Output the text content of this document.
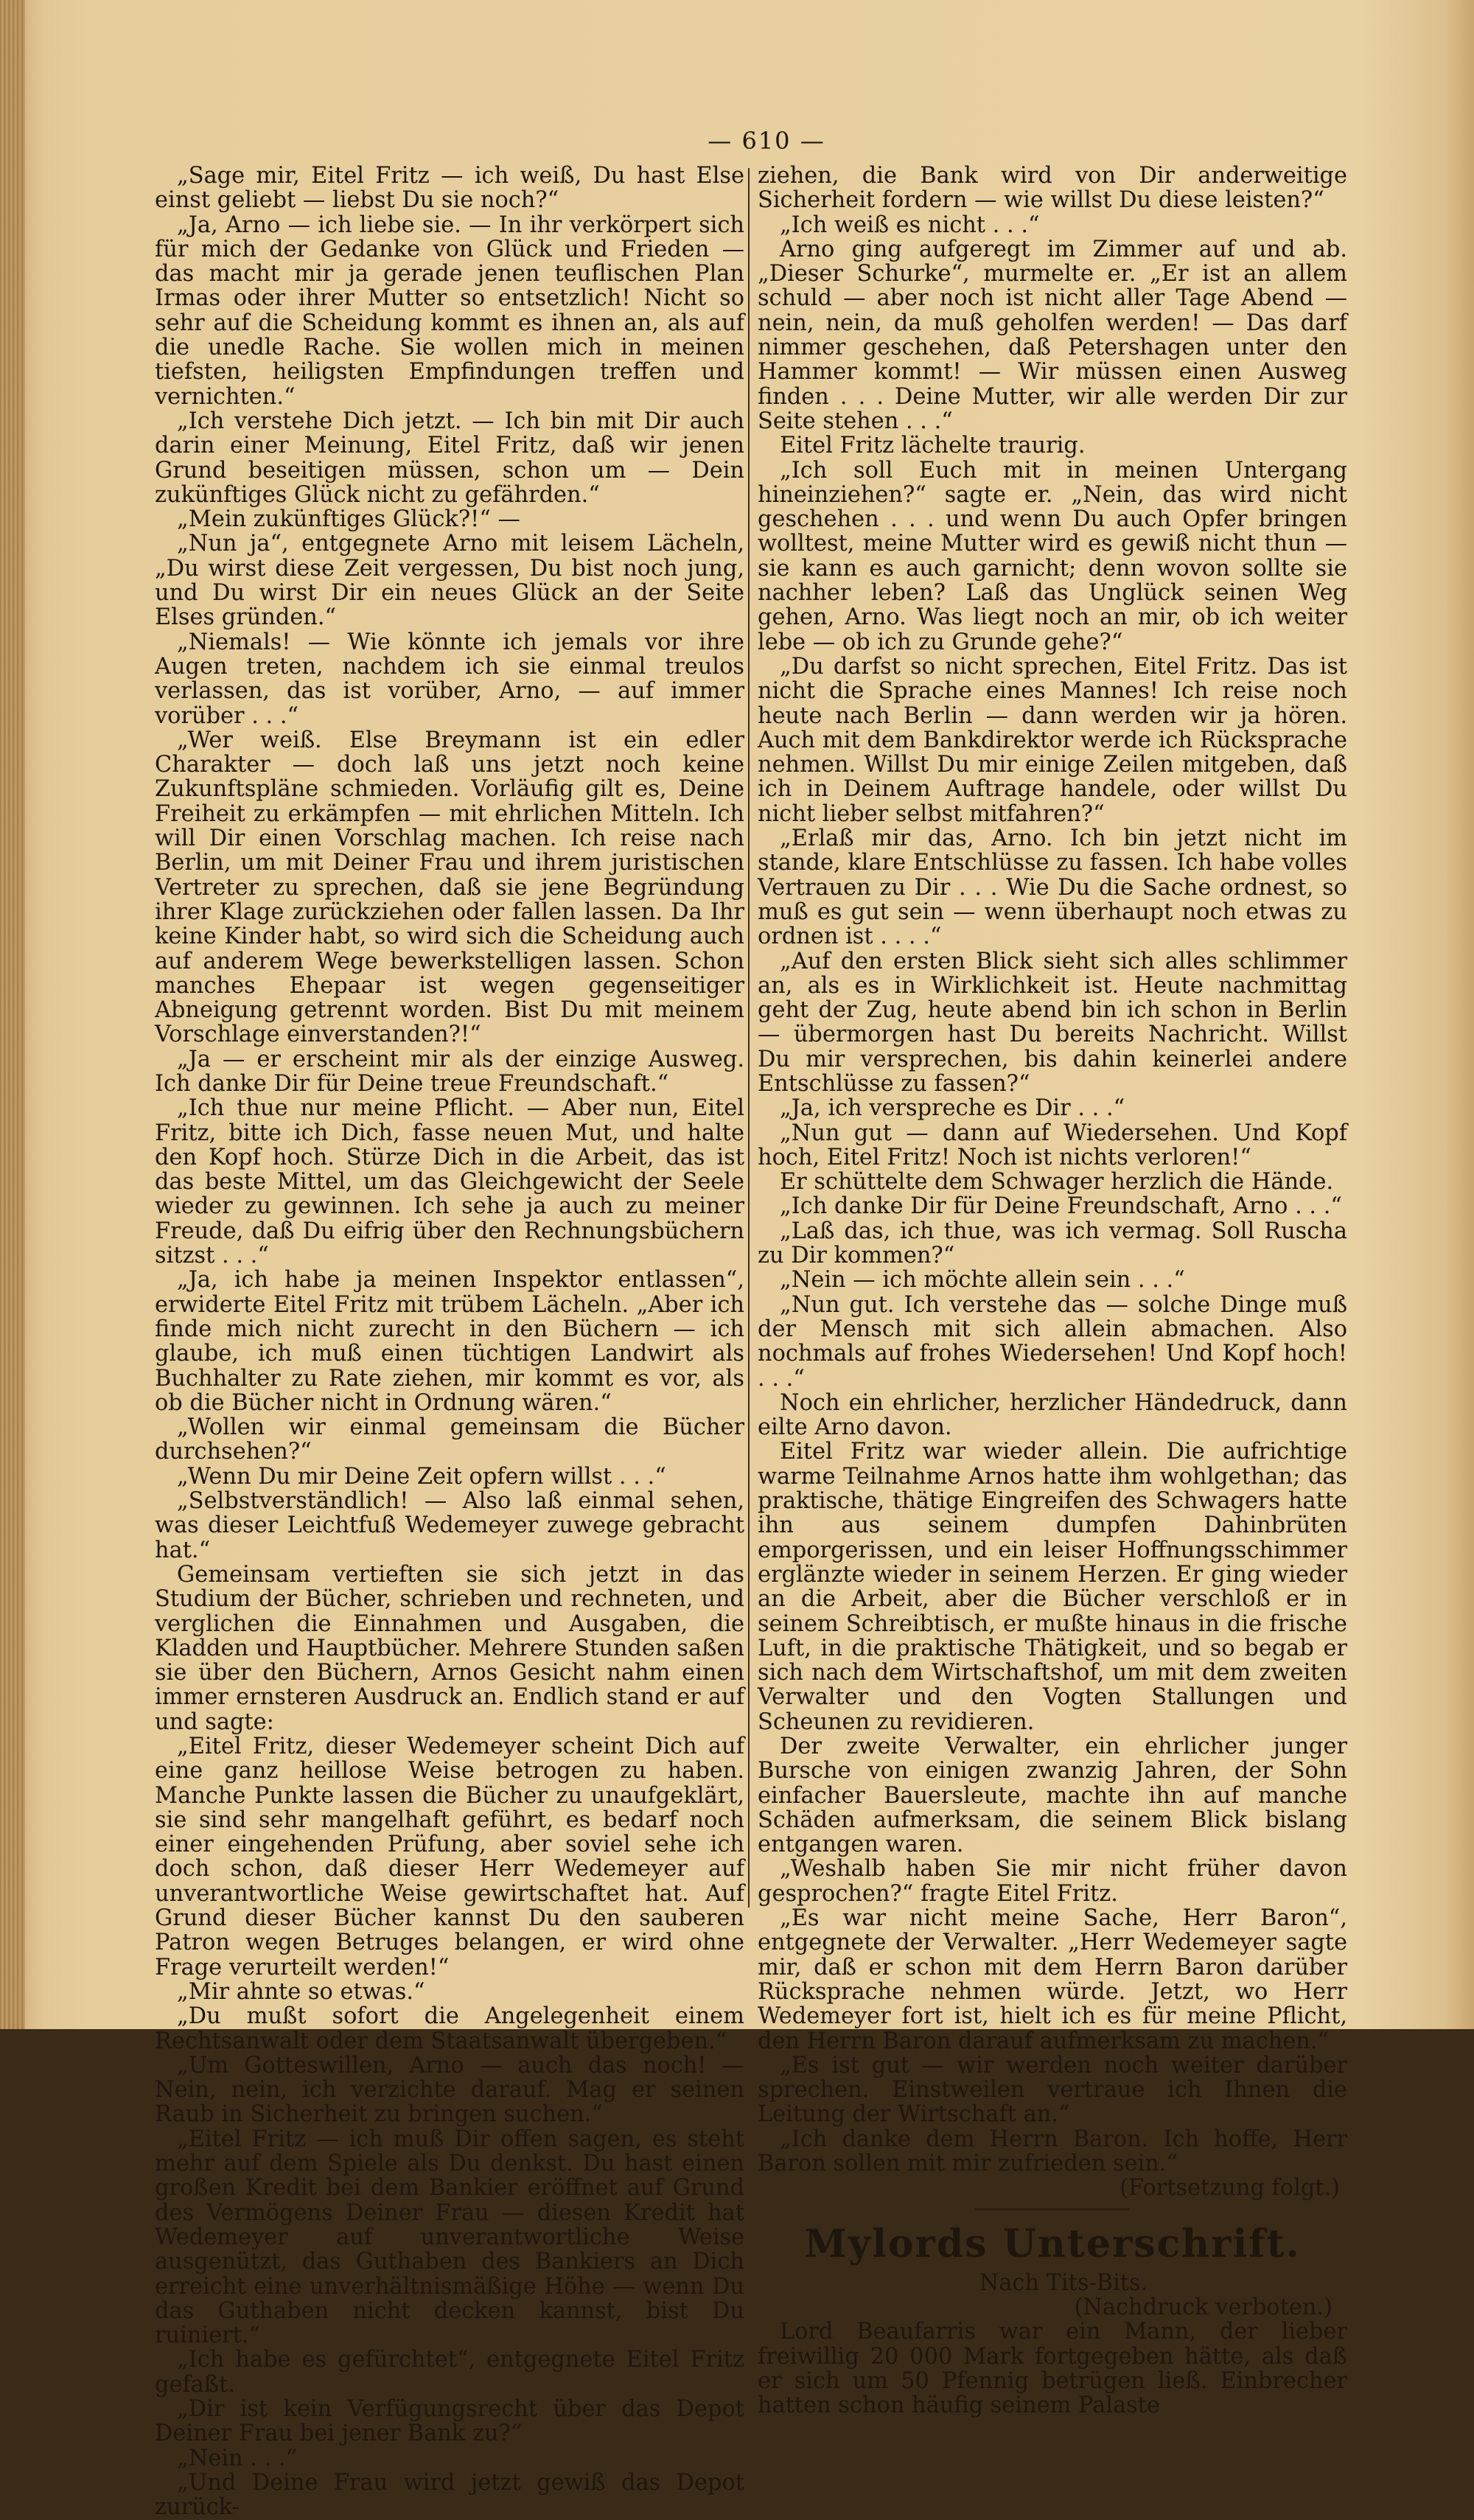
— 610 —

„Sage mir, Eitel Fritz — ich weiß, Du hast Else einst geliebt — liebst Du sie noch?“

„Ja, Arno — ich liebe sie. — In ihr verkörpert sich für mich der Gedanke von Glück und Frieden — das macht mir ja gerade jenen teuflischen Plan Irmas oder ihrer Mutter so entsetzlich! Nicht so sehr auf die Scheidung kommt es ihnen an, als auf die unedle Rache. Sie wollen mich in meinen tiefsten, heiligsten Empfindungen treffen und vernichten.“

„Ich verstehe Dich jetzt. — Ich bin mit Dir auch darin einer Meinung, Eitel Fritz, daß wir jenen Grund beseitigen müssen, schon um — Dein zukünftiges Glück nicht zu gefährden.“

„Mein zukünftiges Glück?!“ —

„Nun ja“, entgegnete Arno mit leisem Lächeln, „Du wirst diese Zeit vergessen, Du bist noch jung, und Du wirst Dir ein neues Glück an der Seite Elses gründen.“

„Niemals! — Wie könnte ich jemals vor ihre Augen treten, nachdem ich sie einmal treulos verlassen, das ist vorüber, Arno, — auf immer vorüber . . .“

„Wer weiß. Else Breymann ist ein edler Charakter — doch laß uns jetzt noch keine Zukunftspläne schmieden. Vorläufig gilt es, Deine Freiheit zu erkämpfen — mit ehrlichen Mitteln. Ich will Dir einen Vorschlag machen. Ich reise nach Berlin, um mit Deiner Frau und ihrem juristischen Vertreter zu sprechen, daß sie jene Begründung ihrer Klage zurückziehen oder fallen lassen. Da Ihr keine Kinder habt, so wird sich die Scheidung auch auf anderem Wege bewerkstelligen lassen. Schon manches Ehepaar ist wegen gegenseitiger Abneigung getrennt worden. Bist Du mit meinem Vorschlage einverstanden?!“

„Ja — er erscheint mir als der einzige Ausweg. Ich danke Dir für Deine treue Freundschaft.“

„Ich thue nur meine Pflicht. — Aber nun, Eitel Fritz, bitte ich Dich, fasse neuen Mut, und halte den Kopf hoch. Stürze Dich in die Arbeit, das ist das beste Mittel, um das Gleichgewicht der Seele wieder zu gewinnen. Ich sehe ja auch zu meiner Freude, daß Du eifrig über den Rechnungsbüchern sitzst . . .“

„Ja, ich habe ja meinen Inspektor entlassen“, erwiderte Eitel Fritz mit trübem Lächeln. „Aber ich finde mich nicht zurecht in den Büchern — ich glaube, ich muß einen tüchtigen Landwirt als Buchhalter zu Rate ziehen, mir kommt es vor, als ob die Bücher nicht in Ordnung wären.“

„Wollen wir einmal gemeinsam die Bücher durchsehen?“

„Wenn Du mir Deine Zeit opfern willst . . .“

„Selbstverständlich! — Also laß einmal sehen, was dieser Leichtfuß Wedemeyer zuwege gebracht hat.“

Gemeinsam vertieften sie sich jetzt in das Studium der Bücher, schrieben und rechneten, und verglichen die Einnahmen und Ausgaben, die Kladden und Hauptbücher. Mehrere Stunden saßen sie über den Büchern, Arnos Gesicht nahm einen immer ernsteren Ausdruck an. Endlich stand er auf und sagte:

„Eitel Fritz, dieser Wedemeyer scheint Dich auf eine ganz heillose Weise betrogen zu haben. Manche Punkte lassen die Bücher zu unaufgeklärt, sie sind sehr mangelhaft geführt, es bedarf noch einer eingehenden Prüfung, aber soviel sehe ich doch schon, daß dieser Herr Wedemeyer auf unverantwortliche Weise gewirtschaftet hat. Auf Grund dieser Bücher kannst Du den sauberen Patron wegen Betruges belangen, er wird ohne Frage verurteilt werden!“

„Mir ahnte so etwas.“

„Du mußt sofort die Angelegenheit einem Rechtsanwalt oder dem Staatsanwalt übergeben.“

„Um Gotteswillen, Arno — auch das noch! — Nein, nein, ich verzichte darauf. Mag er seinen Raub in Sicherheit zu bringen suchen.“

„Eitel Fritz — ich muß Dir offen sagen, es steht mehr auf dem Spiele als Du denkst. Du hast einen großen Kredit bei dem Bankier eröffnet auf Grund des Vermögens Deiner Frau — diesen Kredit hat Wedemeyer auf unverantwortliche Weise ausgenützt, das Guthaben des Bankiers an Dich erreicht eine unverhältnismäßige Höhe — wenn Du das Guthaben nicht decken kannst, bist Du ruiniert.“

„Ich habe es gefürchtet“, entgegnete Eitel Fritz gefaßt.

„Dir ist kein Verfügungsrecht über das Depot Deiner Frau bei jener Bank zu?“

„Nein . . .“

„Und Deine Frau wird jetzt gewiß das Depot zurück-

ziehen, die Bank wird von Dir anderweitige Sicherheit fordern — wie willst Du diese leisten?“

„Ich weiß es nicht . . .“

Arno ging aufgeregt im Zimmer auf und ab. „Dieser Schurke“, murmelte er. „Er ist an allem schuld — aber noch ist nicht aller Tage Abend — nein, nein, da muß geholfen werden! — Das darf nimmer geschehen, daß Petershagen unter den Hammer kommt! — Wir müssen einen Ausweg finden . . . Deine Mutter, wir alle werden Dir zur Seite stehen . . .“

Eitel Fritz lächelte traurig.

„Ich soll Euch mit in meinen Untergang hineinziehen?“ sagte er. „Nein, das wird nicht geschehen . . . und wenn Du auch Opfer bringen wolltest, meine Mutter wird es gewiß nicht thun — sie kann es auch garnicht; denn wovon sollte sie nachher leben? Laß das Unglück seinen Weg gehen, Arno. Was liegt noch an mir, ob ich weiter lebe — ob ich zu Grunde gehe?“

„Du darfst so nicht sprechen, Eitel Fritz. Das ist nicht die Sprache eines Mannes! Ich reise noch heute nach Berlin — dann werden wir ja hören. Auch mit dem Bankdirektor werde ich Rücksprache nehmen. Willst Du mir einige Zeilen mitgeben, daß ich in Deinem Auftrage handele, oder willst Du nicht lieber selbst mitfahren?“

„Erlaß mir das, Arno. Ich bin jetzt nicht im stande, klare Entschlüsse zu fassen. Ich habe volles Vertrauen zu Dir . . . Wie Du die Sache ordnest, so muß es gut sein — wenn überhaupt noch etwas zu ordnen ist . . . .“

„Auf den ersten Blick sieht sich alles schlimmer an, als es in Wirklichkeit ist. Heute nachmittag geht der Zug, heute abend bin ich schon in Berlin — übermorgen hast Du bereits Nachricht. Willst Du mir versprechen, bis dahin keinerlei andere Entschlüsse zu fassen?“

„Ja, ich verspreche es Dir . . .“

„Nun gut — dann auf Wiedersehen. Und Kopf hoch, Eitel Fritz! Noch ist nichts verloren!“

Er schüttelte dem Schwager herzlich die Hände.

„Ich danke Dir für Deine Freundschaft, Arno . . .“

„Laß das, ich thue, was ich vermag. Soll Ruscha zu Dir kommen?“

„Nein — ich möchte allein sein . . .“

„Nun gut. Ich verstehe das — solche Dinge muß der Mensch mit sich allein abmachen. Also nochmals auf frohes Wiedersehen! Und Kopf hoch! . . .“

Noch ein ehrlicher, herzlicher Händedruck, dann eilte Arno davon.

Eitel Fritz war wieder allein. Die aufrichtige warme Teilnahme Arnos hatte ihm wohlgethan; das praktische, thätige Eingreifen des Schwagers hatte ihn aus seinem dumpfen Dahinbrüten emporgerissen, und ein leiser Hoffnungsschimmer erglänzte wieder in seinem Herzen. Er ging wieder an die Arbeit, aber die Bücher verschloß er in seinem Schreibtisch, er mußte hinaus in die frische Luft, in die praktische Thätigkeit, und so begab er sich nach dem Wirtschaftshof, um mit dem zweiten Verwalter und den Vogten Stallungen und Scheunen zu revidieren.

Der zweite Verwalter, ein ehrlicher junger Bursche von einigen zwanzig Jahren, der Sohn einfacher Bauersleute, machte ihn auf manche Schäden aufmerksam, die seinem Blick bislang entgangen waren.

„Weshalb haben Sie mir nicht früher davon gesprochen?“ fragte Eitel Fritz.

„Es war nicht meine Sache, Herr Baron“, entgegnete der Verwalter. „Herr Wedemeyer sagte mir, daß er schon mit dem Herrn Baron darüber Rücksprache nehmen würde. Jetzt, wo Herr Wedemeyer fort ist, hielt ich es für meine Pflicht, den Herrn Baron darauf aufmerksam zu machen.“

„Es ist gut — wir werden noch weiter darüber sprechen. Einstweilen vertraue ich Ihnen die Leitung der Wirtschaft an.“

„Ich danke dem Herrn Baron. Ich hoffe, Herr Baron sollen mit mir zufrieden sein.“

(Fortsetzung folgt.)

Mylords Unterschrift.

Nach Tits-Bits.

(Nachdruck verboten.)

Lord Beaufarris war ein Mann, der lieber freiwillig 20 000 Mark fortgegeben hätte, als daß er sich um 50 Pfennig betrügen ließ. Einbrecher hatten schon häufig seinem Palaste
